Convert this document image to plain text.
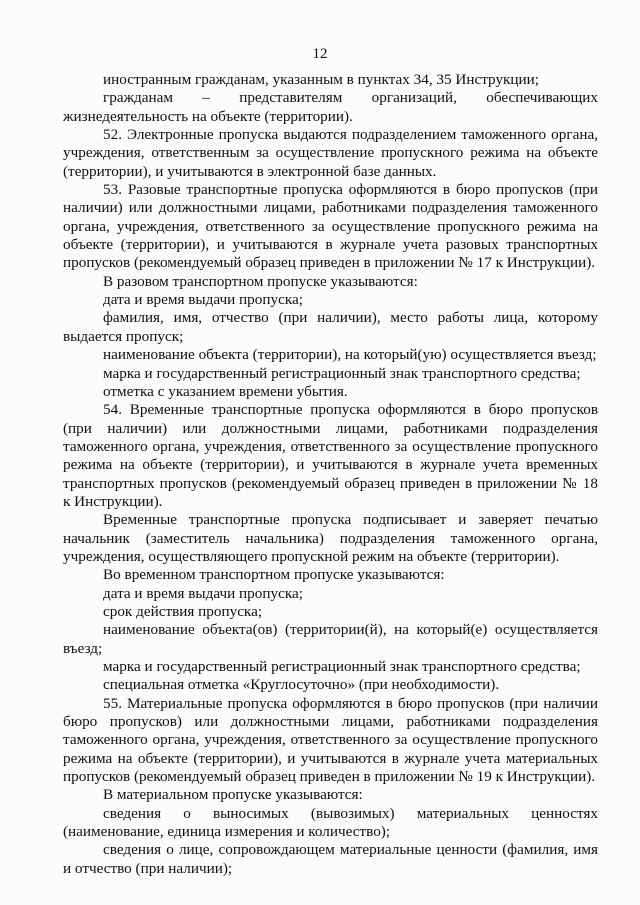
12

иностранным гражданам, указанным в пунктах 34, 35 Инструкции;

гражданам – представителям организаций, обеспечивающих жизнедеятельность на объекте (территории).

52. Электронные пропуска выдаются подразделением таможенного органа, учреждения, ответственным за осуществление пропускного режима на объекте (территории), и учитываются в электронной базе данных.

53. Разовые транспортные пропуска оформляются в бюро пропусков (при наличии) или должностными лицами, работниками подразделения таможенного органа, учреждения, ответственного за осуществление пропускного режима на объекте (территории), и учитываются в журнале учета разовых транспортных пропусков (рекомендуемый образец приведен в приложении № 17 к Инструкции).

В разовом транспортном пропуске указываются:

дата и время выдачи пропуска;

фамилия, имя, отчество (при наличии), место работы лица, которому выдается пропуск;

наименование объекта (территории), на который(ую) осуществляется въезд;

марка и государственный регистрационный знак транспортного средства;

отметка с указанием времени убытия.

54. Временные транспортные пропуска оформляются в бюро пропусков (при наличии) или должностными лицами, работниками подразделения таможенного органа, учреждения, ответственного за осуществление пропускного режима на объекте (территории), и учитываются в журнале учета временных транспортных пропусков (рекомендуемый образец приведен в приложении № 18 к Инструкции).

Временные транспортные пропуска подписывает и заверяет печатью начальник (заместитель начальника) подразделения таможенного органа, учреждения, осуществляющего пропускной режим на объекте (территории).

Во временном транспортном пропуске указываются:

дата и время выдачи пропуска;

срок действия пропуска;

наименование объекта(ов) (территории(й), на который(е) осуществляется въезд;

марка и государственный регистрационный знак транспортного средства;

специальная отметка «Круглосуточно» (при необходимости).

55. Материальные пропуска оформляются в бюро пропусков (при наличии бюро пропусков) или должностными лицами, работниками подразделения таможенного органа, учреждения, ответственного за осуществление пропускного режима на объекте (территории), и учитываются в журнале учета материальных пропусков (рекомендуемый образец приведен в приложении № 19 к Инструкции).

В материальном пропуске указываются:

сведения о выносимых (вывозимых) материальных ценностях (наименование, единица измерения и количество);

сведения о лице, сопровождающем материальные ценности (фамилия, имя и отчество (при наличии);
